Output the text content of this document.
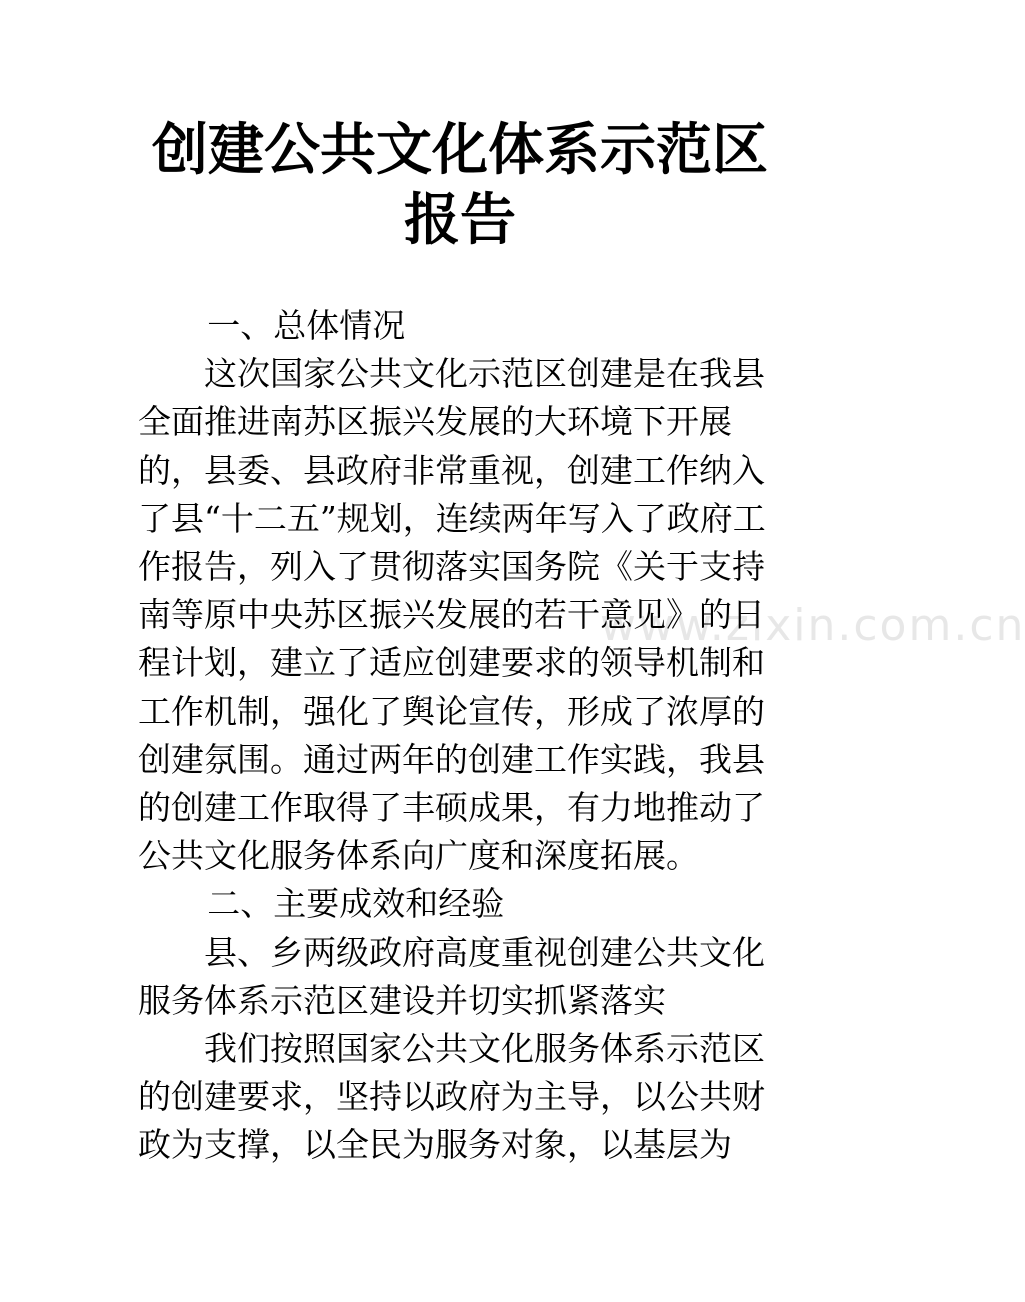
创建公共文化体系示范区
报告
www.zixin.com.cn

一、总体情况

这次国家公共文化示范区创建是在我县全面推进南苏区振兴发展的大环境下开展的，县委、县政府非常重视，创建工作纳入了县“十二五”规划，连续两年写入了政府工作报告，列入了贯彻落实国务院《关于支持南等原中央苏区振兴发展的若干意见》的日程计划，建立了适应创建要求的领导机制和工作机制，强化了舆论宣传，形成了浓厚的创建氛围。通过两年的创建工作实践，我县的创建工作取得了丰硕成果，有力地推动了公共文化服务体系向广度和深度拓展。

二、主要成效和经验

县、乡两级政府高度重视创建公共文化服务体系示范区建设并切实抓紧落实

我们按照国家公共文化服务体系示范区的创建要求，坚持以政府为主导，以公共财政为支撑，以全民为服务对象，以基层为
